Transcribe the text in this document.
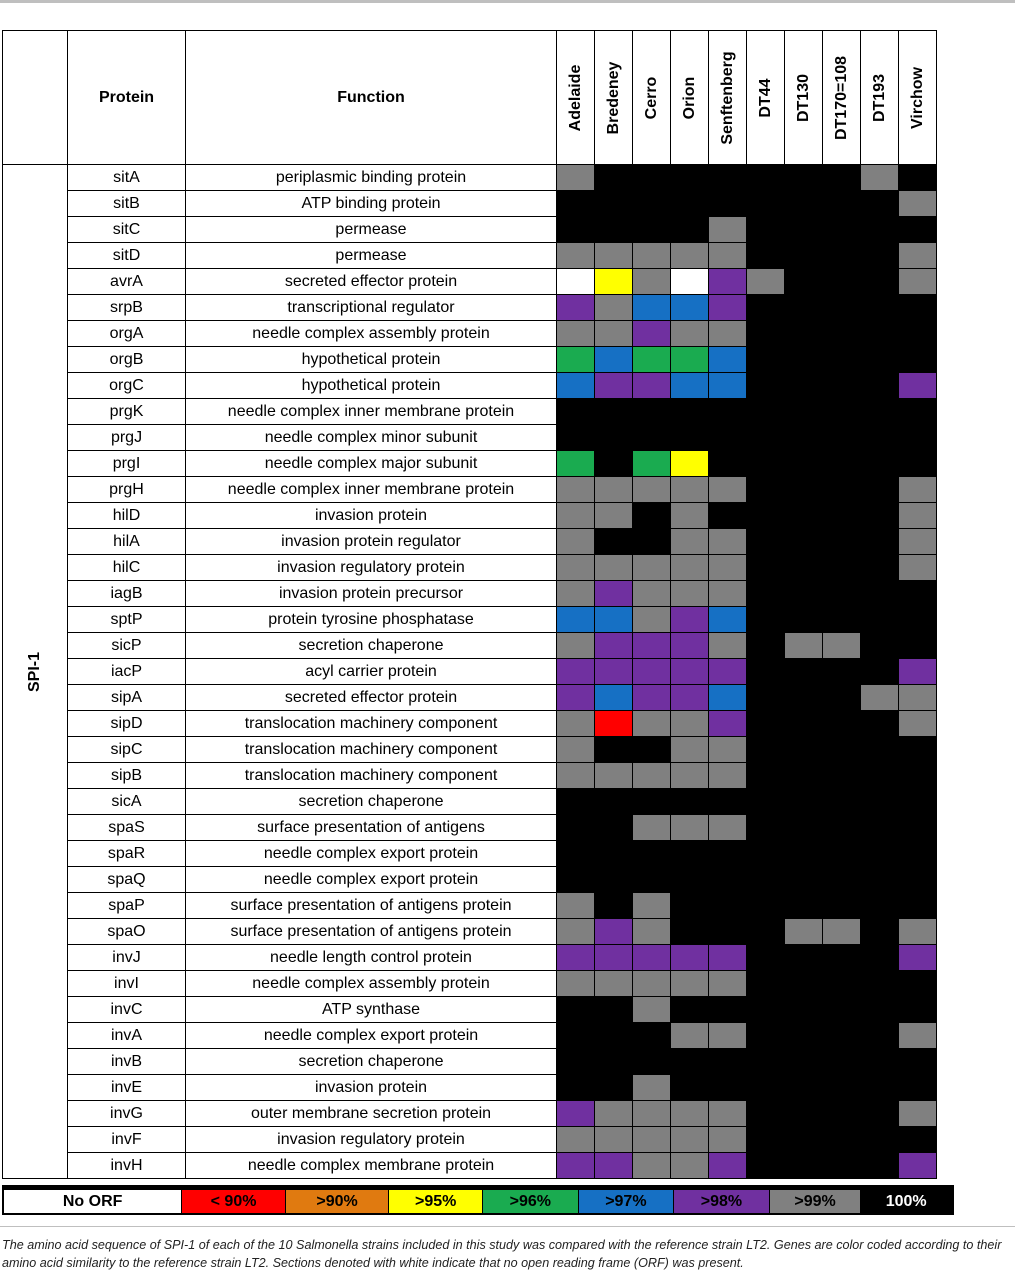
	Protein	Function	Adelaide	Bredeney	Cerro	Orion	Senftenberg	DT44	DT130	DT170=108	DT193	Virchow

SPI-1	sitA	periplasmic binding protein										
	sitB	ATP binding protein										
	sitC	permease										
	sitD	permease										
	avrA	secreted effector protein										
	srpB	transcriptional regulator										
	orgA	needle complex assembly protein										
	orgB	hypothetical protein										
	orgC	hypothetical protein										
	prgK	needle complex inner membrane protein										
	prgJ	needle complex minor subunit										
	prgI	needle complex major subunit										
	prgH	needle complex inner membrane protein										
	hilD	invasion protein										
	hilA	invasion protein regulator										
	hilC	invasion regulatory protein										
	iagB	invasion protein precursor										
	sptP	protein tyrosine phosphatase										
	sicP	secretion chaperone										
	iacP	acyl carrier protein										
	sipA	secreted effector protein										
	sipD	translocation machinery component										
	sipC	translocation machinery component										
	sipB	translocation machinery component										
	sicA	secretion chaperone										
	spaS	surface presentation of antigens										
	spaR	needle complex export protein										
	spaQ	needle complex export protein										
	spaP	surface presentation of antigens protein										
	spaO	surface presentation of antigens protein										
	invJ	needle length control protein										
	invI	needle complex assembly protein										
	invC	ATP synthase										
	invA	needle complex export protein										
	invB	secretion chaperone										
	invE	invasion protein										
	invG	outer membrane secretion protein										
	invF	invasion regulatory protein										
	invH	needle complex membrane protein										
No ORF	< 90%	>90%	>95%	>96%	>97%	>98%	>99%	100%
The amino acid sequence of SPI-1 of each of the 10 Salmonella strains included in this study was compared with the reference strain LT2. Genes are color coded according to their amino acid similarity to the reference strain LT2. Sections denoted with white indicate that no open reading frame (ORF) was present.
